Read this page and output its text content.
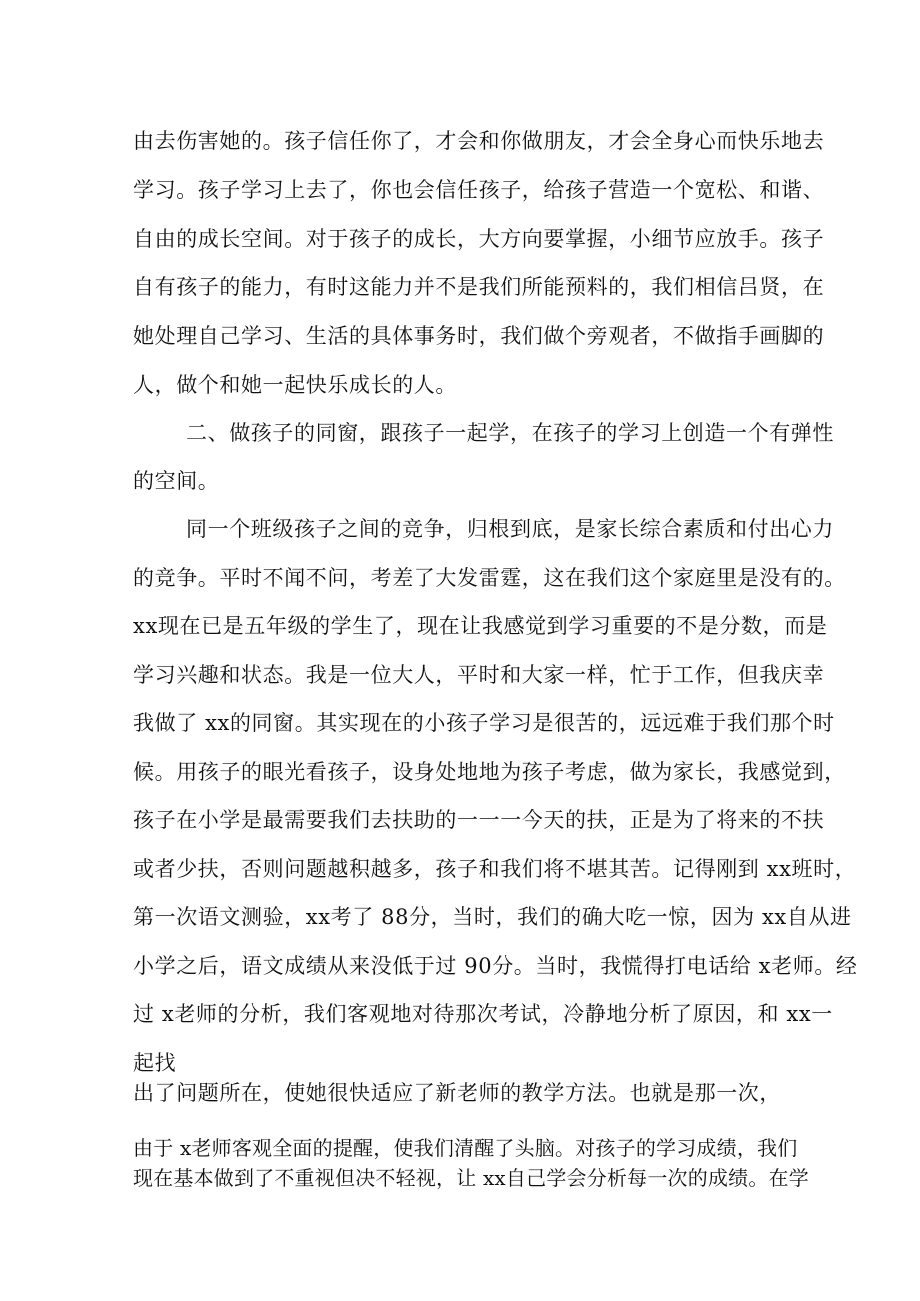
由去伤害她的。孩子信任你了，才会和你做朋友，才会全身心而快乐地去
学习。孩子学习上去了，你也会信任孩子，给孩子营造一个宽松、和谐、
自由的成长空间。对于孩子的成长，大方向要掌握，小细节应放手。孩子
自有孩子的能力，有时这能力并不是我们所能预料的，我们相信吕贤，在
她处理自己学习、生活的具体事务时，我们做个旁观者，不做指手画脚的
人，做个和她一起快乐成长的人。
二、做孩子的同窗，跟孩子一起学，在孩子的学习上创造一个有弹性
的空间。
同一个班级孩子之间的竞争，归根到底，是家长综合素质和付出心力
的竞争。平时不闻不问，考差了大发雷霆，这在我们这个家庭里是没有的。
xx现在已是五年级的学生了，现在让我感觉到学习重要的不是分数，而是
学习兴趣和状态。我是一位大人，平时和大家一样，忙于工作，但我庆幸
我做了 xx的同窗。其实现在的小孩子学习是很苦的，远远难于我们那个时
候。用孩子的眼光看孩子，设身处地地为孩子考虑，做为家长，我感觉到，
孩子在小学是最需要我们去扶助的一一一今天的扶，正是为了将来的不扶
或者少扶，否则问题越积越多，孩子和我们将不堪其苦。记得刚到 xx班时，
第一次语文测验，xx考了 88分，当时，我们的确大吃一惊，因为 xx自从进
小学之后，语文成绩从来没低于过 90分。当时，我慌得打电话给 x老师。经
过 x老师的分析，我们客观地对待那次考试，冷静地分析了原因，和 xx一
起找
出了问题所在，使她很快适应了新老师的教学方法。也就是那一次，
由于 x老师客观全面的提醒，使我们清醒了头脑。对孩子的学习成绩，我们
现在基本做到了不重视但决不轻视，让 xx自己学会分析每一次的成绩。在学
